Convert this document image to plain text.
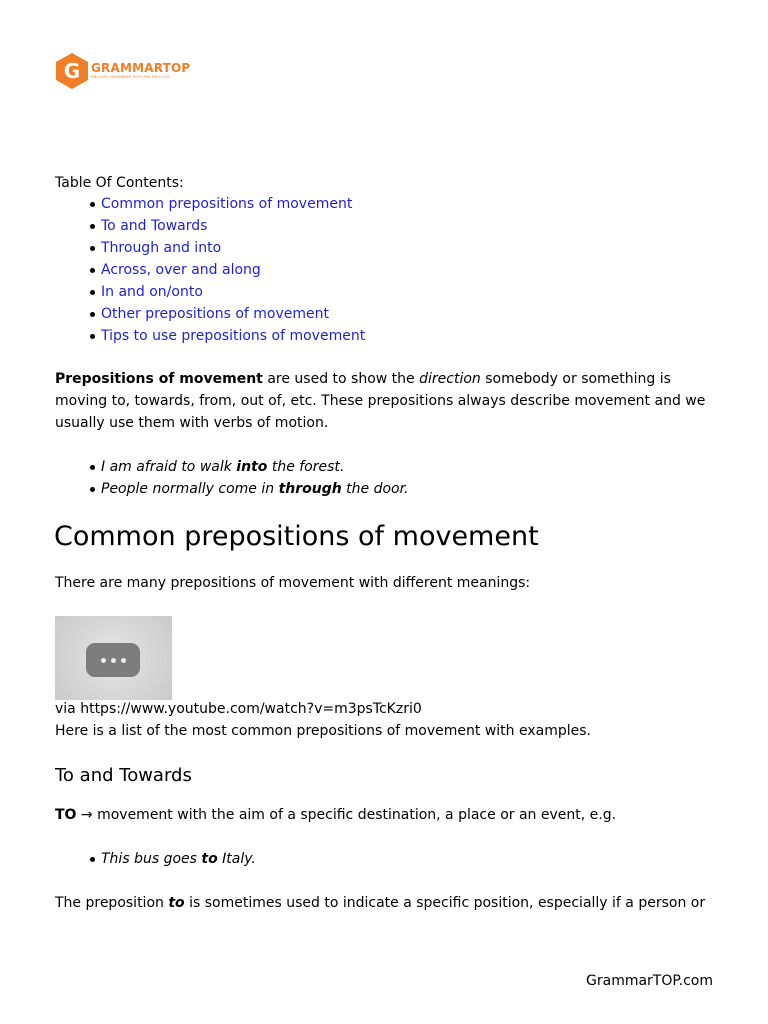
G GRAMMARTOP
ENGLISH GRAMMAR IN PLAIN ENGLISH
Table Of Contents:
Common prepositions of movement
To and Towards
Through and into
Across, over and along
In and on/onto
Other prepositions of movement
Tips to use prepositions of movement

Prepositions of movement are used to show the direction somebody or something is moving to, towards, from, out of, etc. These prepositions always describe movement and we usually use them with verbs of motion.

I am afraid to walk into the forest.
People normally come in through the door.
Common prepositions of movement

There are many prepositions of movement with different meanings:

via https://www.youtube.com/watch?v=m3psTcKzri0

Here is a list of the most common prepositions of movement with examples.

To and Towards

TO → movement with the aim of a specific destination, a place or an event, e.g.

This bus goes to Italy.

The preposition to is sometimes used to indicate a specific position, especially if a person or

GrammarTOP.com
